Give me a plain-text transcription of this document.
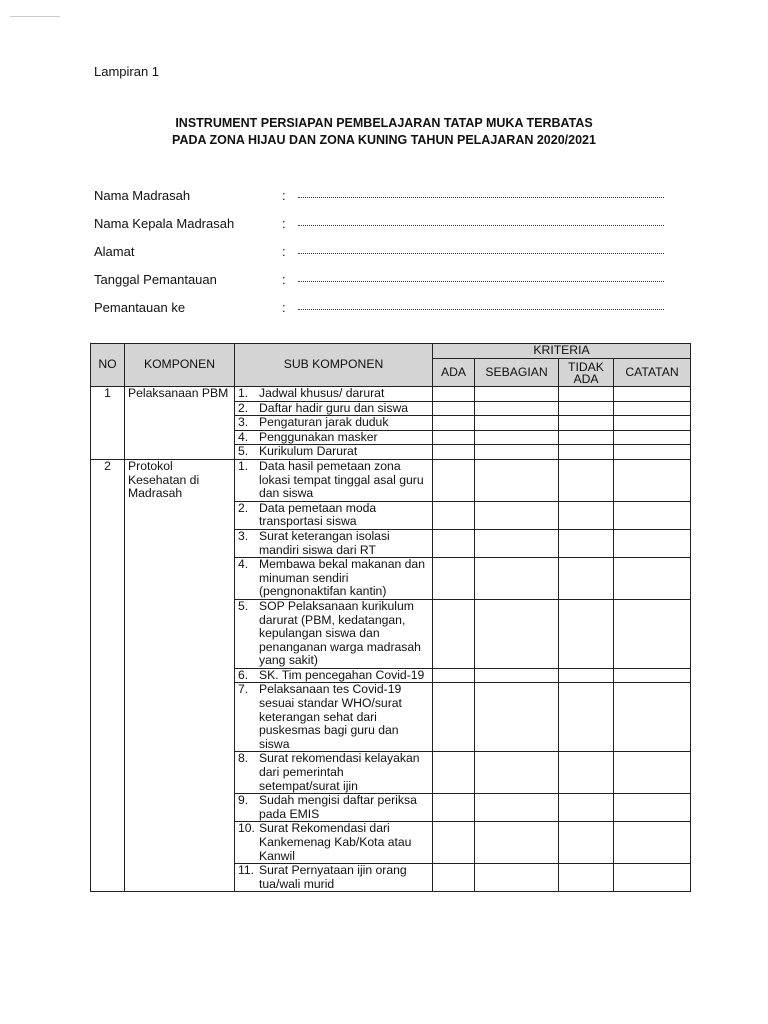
Lampiran 1
INSTRUMENT PERSIAPAN PEMBELAJARAN TATAP MUKA TERBATAS
PADA ZONA HIJAU DAN ZONA KUNING TAHUN PELAJARAN 2020/2021
Nama Madrasah	:
Nama Kepala Madrasah	:
Alamat	:
Tanggal Pemantauan	:
Pemantauan ke	:
NO	KOMPONEN	SUB KOMPONEN	KRITERIA			
			ADA	SEBAGIAN	TIDAK ADA	CATATAN
1	Pelaksanaan PBM	1. Jadwal khusus/ darurat				
		2. Daftar hadir guru dan siswa				
		3. Pengaturan jarak duduk				
		4. Penggunakan masker				
		5. Kurikulum Darurat				
2	Protokol Kesehatan di Madrasah	1. Data hasil pemetaan zona lokasi tempat tinggal asal guru dan siswa				
		2. Data pemetaan moda transportasi siswa				
		3. Surat keterangan isolasi mandiri siswa dari RT				
		4. Membawa bekal makanan dan minuman sendiri (pengnonaktifan kantin)				
		5. SOP Pelaksanaan kurikulum darurat (PBM, kedatangan, kepulangan siswa dan penanganan warga madrasah yang sakit)				
		6. SK. Tim pencegahan Covid-19				
		7. Pelaksanaan tes Covid-19 sesuai standar WHO/surat keterangan sehat dari puskesmas bagi guru dan siswa				
		8. Surat rekomendasi kelayakan dari pemerintah setempat/surat ijin				
		9. Sudah mengisi daftar periksa pada EMIS				
		10. Surat Rekomendasi dari Kankemenag Kab/Kota atau Kanwil				
		11. Surat Pernyataan ijin orang tua/wali murid				
